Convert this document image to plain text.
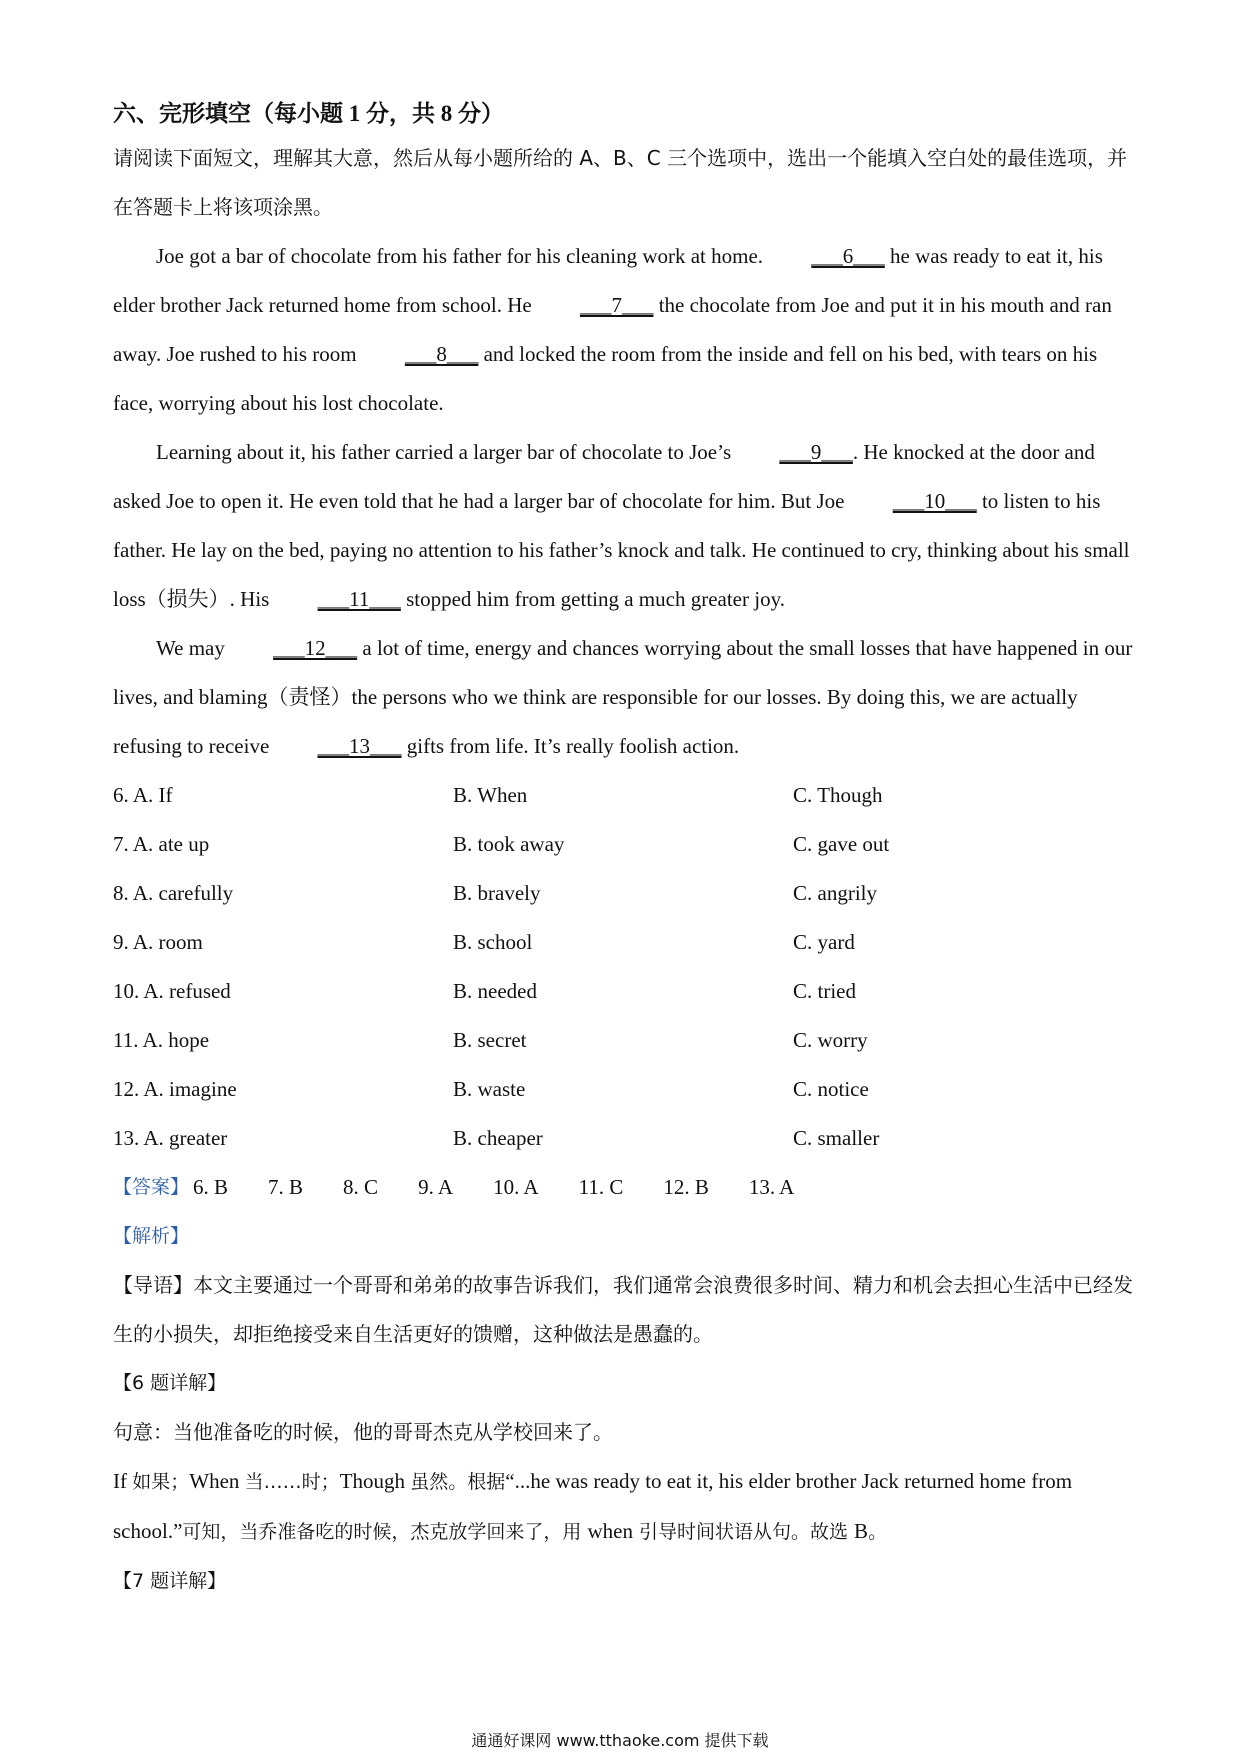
六、完形填空（每小题 1 分，共 8 分）

请阅读下面短文，理解其大意，然后从每小题所给的 A、B、C 三个选项中，选出一个能填入空白处的最佳选项，并在答题卡上将该项涂黑。

Joe got a bar of chocolate from his father for his cleaning work at home. ___6___ he was ready to eat it, his elder brother Jack returned home from school. He ___7___ the chocolate from Joe and put it in his mouth and ran away. Joe rushed to his room ___8___ and locked the room from the inside and fell on his bed, with tears on his face, worrying about his lost chocolate.

Learning about it, his father carried a larger bar of chocolate to Joe’s ___9___. He knocked at the door and asked Joe to open it. He even told that he had a larger bar of chocolate for him. But Joe ___10___ to listen to his father. He lay on the bed, paying no attention to his father’s knock and talk. He continued to cry, thinking about his small loss（损失）. His ___11___ stopped him from getting a much greater joy.

We may ___12___ a lot of time, energy and chances worrying about the small losses that have happened in our lives, and blaming（责怪）the persons who we think are responsible for our losses. By doing this, we are actually refusing to receive ___13___ gifts from life. It’s really foolish action.

6. A. If	B. When	C. Though
7. A. ate up	B. took away	C. gave out
8. A. carefully	B. bravely	C. angrily
9. A. room	B. school	C. yard
10. A. refused	B. needed	C. tried
11. A. hope	B. secret	C. worry
12. A. imagine	B. waste	C. notice
13. A. greater	B. cheaper	C. smaller
【答案】 6. B 7. B 8. C 9. A 10. A 11. C 12. B 13. A

【解析】

【导语】本文主要通过一个哥哥和弟弟的故事告诉我们，我们通常会浪费很多时间、精力和机会去担心生活中已经发生的小损失，却拒绝接受来自生活更好的馈赠，这种做法是愚蠢的。

【6 题详解】

句意：当他准备吃的时候，他的哥哥杰克从学校回来了。

If 如果；When 当……时；Though 虽然。根据“...he was ready to eat it, his elder brother Jack returned home from school.”可知，当乔准备吃的时候，杰克放学回来了，用 when 引导时间状语从句。故选 B。

【7 题详解】

通通好课网 www.tthaoke.com 提供下载
